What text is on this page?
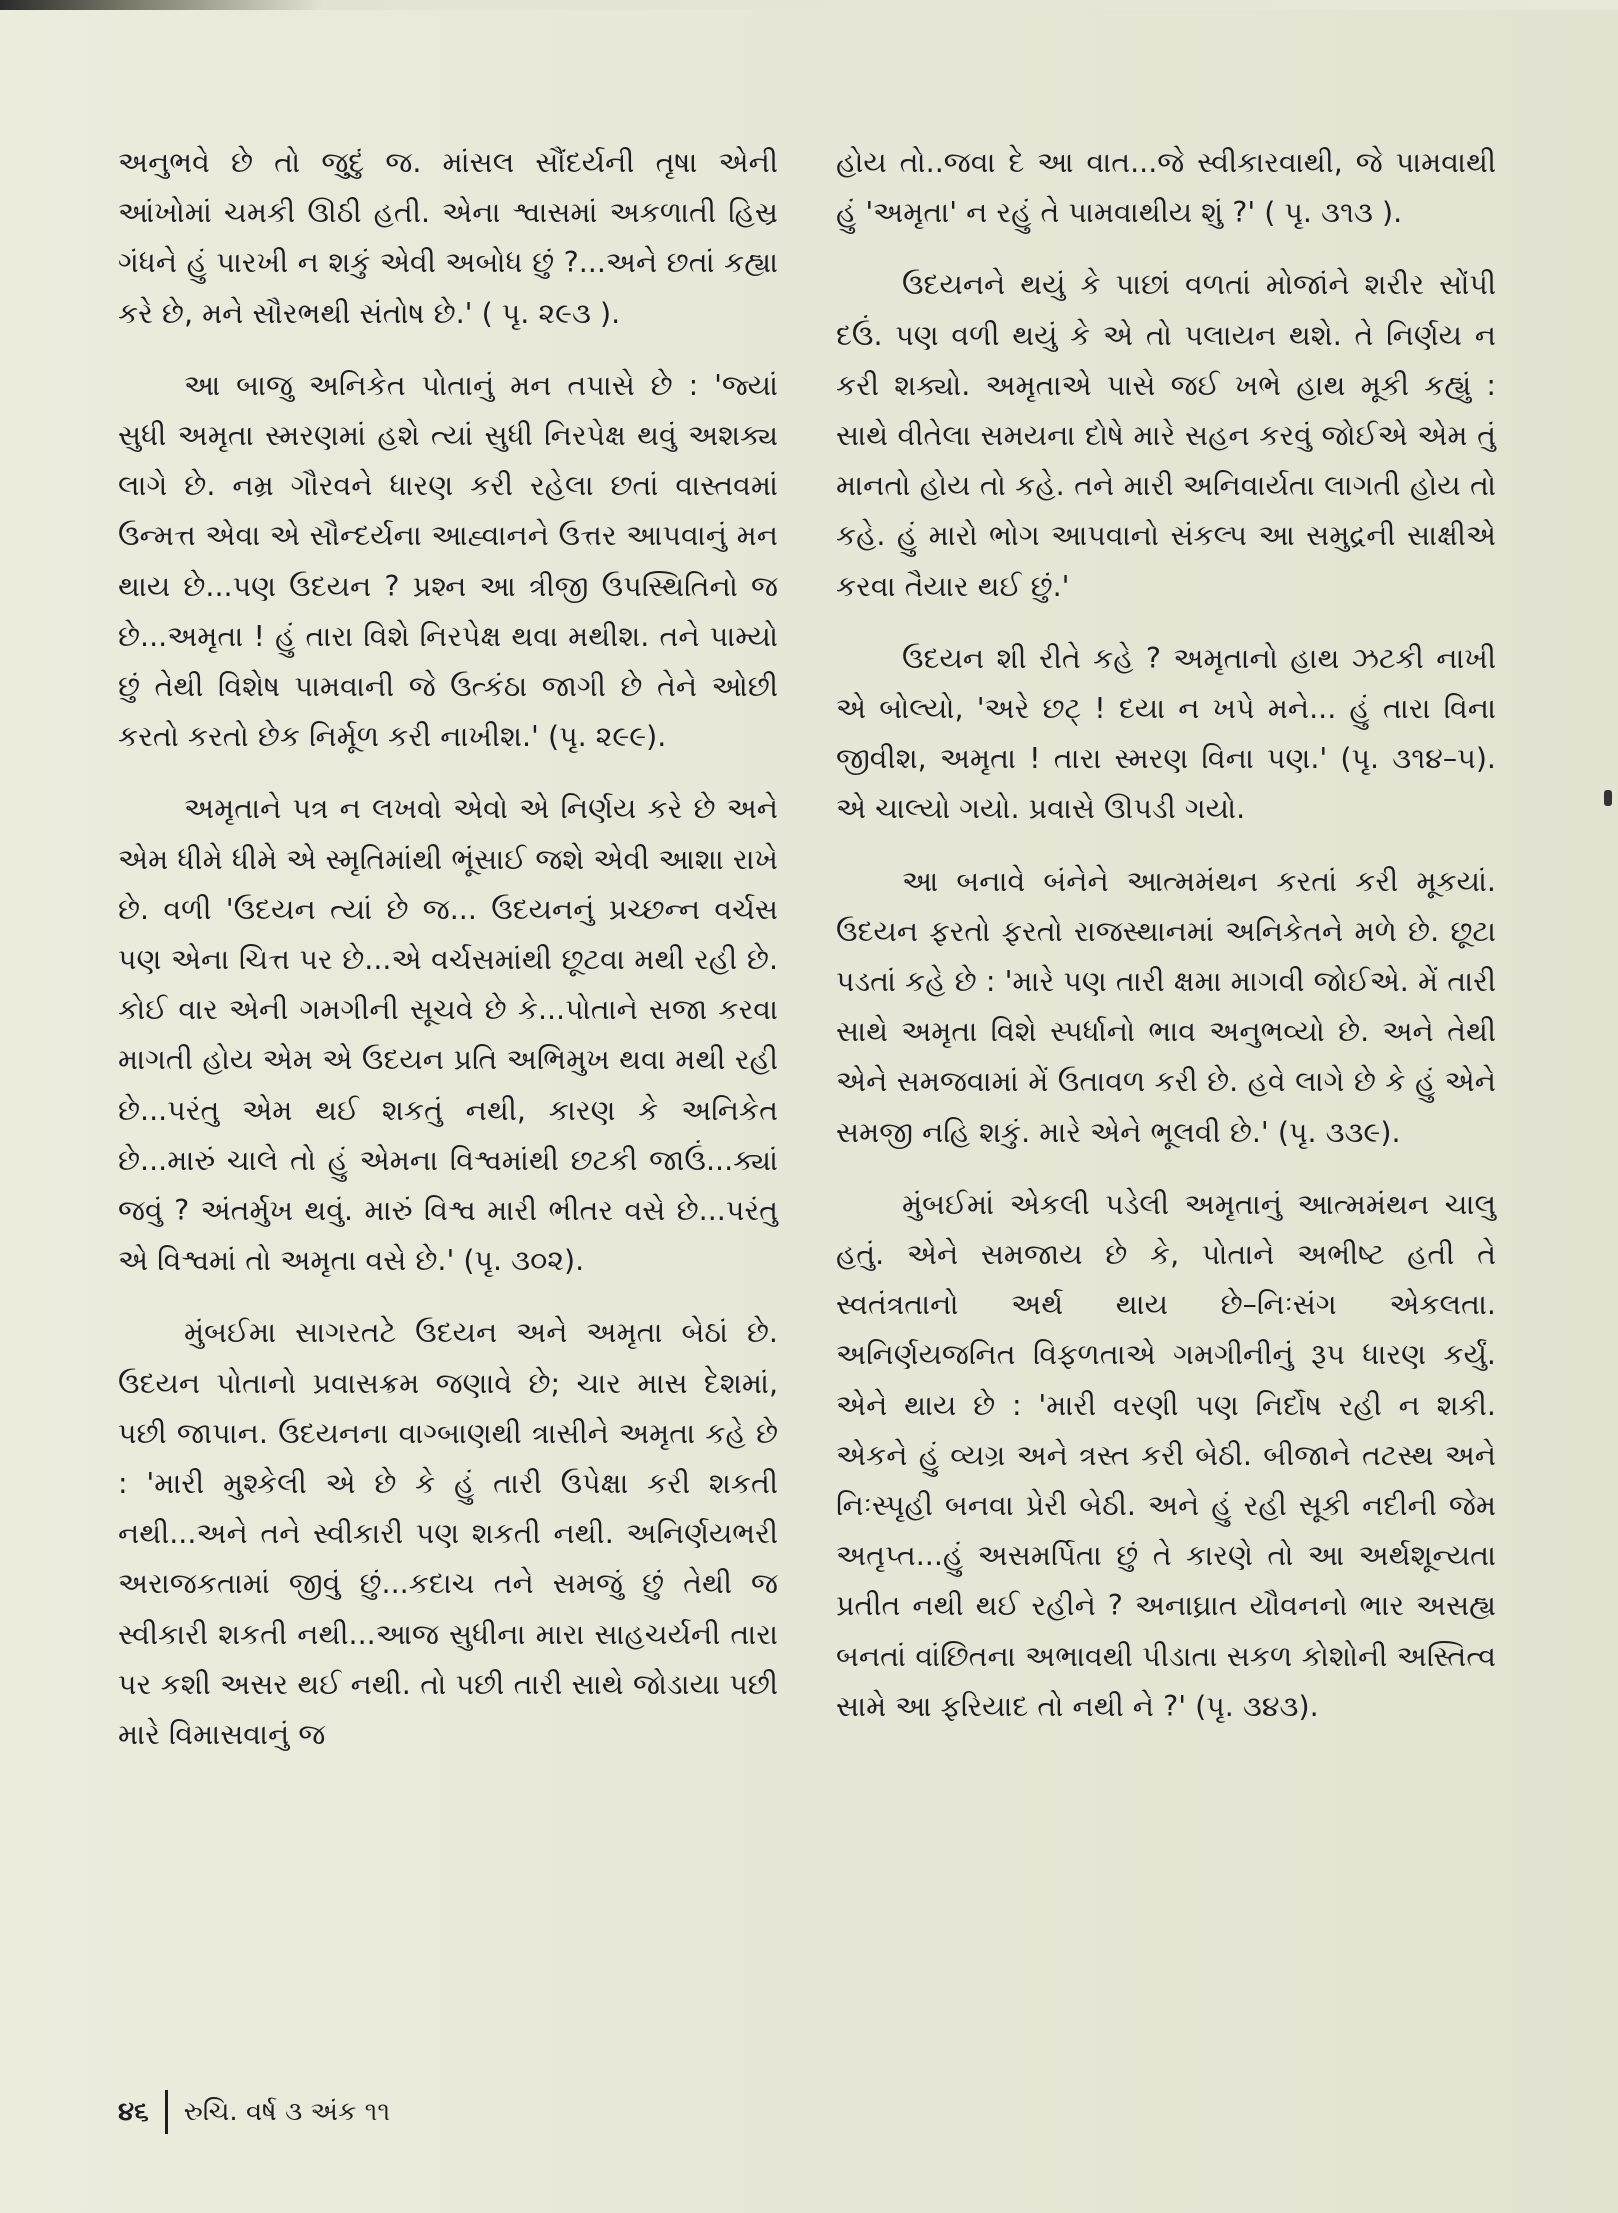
અનુભવે છે તો જુદું જ. માંસલ સૌંદર્યની તૃષા એની આંખોમાં ચમકી ઊઠી હતી. એના શ્વાસમાં અકળાતી હિસ્ર ગંધને હું પારખી ન શકું એવી અબોધ છું ?...અને છતાં કહ્યા કરે છે, મને સૌરભથી સંતોષ છે.' ( પૃ. ૨૯૩ ).

આ બાજુ અનિકેત પોતાનું મન તપાસે છે : 'જ્યાં સુધી અમૃતા સ્મરણમાં હશે ત્યાં સુધી નિરપેક્ષ થવું અશક્ય લાગે છે. નમ્ર ગૌરવને ધારણ કરી રહેલા છતાં વાસ્તવમાં ઉન્મત્ત એવા એ સૌન્દર્યના આહ્વાનને ઉત્તર આપવાનું મન થાય છે...પણ ઉદયન ? પ્રશ્ન આ ત્રીજી ઉપસ્થિતિનો જ છે...અમૃતા ! હું તારા વિશે નિરપેક્ષ થવા મથીશ. તને પામ્યો છું તેથી વિશેષ પામવાની જે ઉત્કંઠા જાગી છે તેને ઓછી કરતો કરતો છેક નિર્મૂળ કરી નાખીશ.' (પૃ. ૨૯૯).

અમૃતાને પત્ર ન લખવો એવો એ નિર્ણય કરે છે અને એમ ધીમે ધીમે એ સ્મૃતિમાંથી ભૂંસાઈ જશે એવી આશા રાખે છે. વળી 'ઉદયન ત્યાં છે જ... ઉદયનનું પ્રચ્છન્ન વર્ચસ પણ એના ચિત્ત પર છે...એ વર્ચસમાંથી છૂટવા મથી રહી છે. કોઈ વાર એની ગમગીની સૂચવે છે કે...પોતાને સજા કરવા માગતી હોય એમ એ ઉદયન પ્રતિ અભિમુખ થવા મથી રહી છે...પરંતુ એમ થઈ શકતું નથી, કારણ કે અનિકેત છે...મારું ચાલે તો હું એમના વિશ્વમાંથી છટકી જાઉં...ક્યાં જવું ? અંતર્મુખ થવું. મારું વિશ્વ મારી ભીતર વસે છે...પરંતુ એ વિશ્વમાં તો અમૃતા વસે છે.' (પૃ. ૩૦૨).

મુંબઈમા સાગરતટે ઉદયન અને અમૃતા બેઠાં છે. ઉદયન પોતાનો પ્રવાસક્રમ જણાવે છે; ચાર માસ દેશમાં, પછી જાપાન. ઉદયનના વાગ્બાણથી ત્રાસીને અમૃતા કહે છે : 'મારી મુશ્કેલી એ છે કે હું તારી ઉપેક્ષા કરી શકતી નથી...અને તને સ્વીકારી પણ શકતી નથી. અનિર્ણયભરી અરાજકતામાં જીવું છું...કદાચ તને સમજું છું તેથી જ સ્વીકારી શકતી નથી...આજ સુધીના મારા સાહચર્યની તારા પર કશી અસર થઈ નથી. તો પછી તારી સાથે જોડાયા પછી મારે વિમાસવાનું જ

હોય તો..જવા દે આ વાત...જે સ્વીકારવાથી, જે પામવાથી હું 'અમૃતા' ન રહું તે પામવાથીય શું ?' ( પૃ. ૩૧૩ ).

ઉદયનને થયું કે પાછાં વળતાં મોજાંને શરીર સોંપી દઉં. પણ વળી થયું કે એ તો પલાયન થશે. તે નિર્ણય ન કરી શક્યો. અમૃતાએ પાસે જઈ ખભે હાથ મૂકી કહ્યું : સાથે વીતેલા સમયના દોષે મારે સહન કરવું જોઈએ એમ તું માનતો હોય તો કહે. તને મારી અનિવાર્યતા લાગતી હોય તો કહે. હું મારો ભોગ આપવાનો સંકલ્પ આ સમુદ્રની સાક્ષીએ કરવા તૈયાર થઈ છું.'

ઉદયન શી રીતે કહે ? અમૃતાનો હાથ ઝટકી નાખી એ બોલ્યો, 'અરે છટ્ ! દયા ન ખપે મને... હું તારા વિના જીવીશ, અમૃતા ! તારા સ્મરણ વિના પણ.' (પૃ. ૩૧૪–૫). એ ચાલ્યો ગયો. પ્રવાસે ઊપડી ગયો.

આ બનાવે બંનેને આત્મમંથન કરતાં કરી મૂકયાં. ઉદયન ફરતો ફરતો રાજસ્થાનમાં અનિકેતને મળે છે. છૂટા પડતાં કહે છે : 'મારે પણ તારી ક્ષમા માગવી જોઈએ. મેં તારી સાથે અમૃતા વિશે સ્પર્ધાનો ભાવ અનુભવ્યો છે. અને તેથી એને સમજવામાં મેં ઉતાવળ કરી છે. હવે લાગે છે કે હું એને સમજી નહિ શકું. મારે એને ભૂલવી છે.' (પૃ. ૩૩૯).

મુંબઈમાં એકલી પડેલી અમૃતાનું આત્મમંથન ચાલુ હતું. એને સમજાય છે કે, પોતાને અભીષ્ટ હતી તે સ્વતંત્રતાનો અર્થ થાય છે–નિઃસંગ એકલતા. અનિર્ણયજનિત વિફળતાએ ગમગીનીનું રૂપ ધારણ કર્યું. એને થાય છે : 'મારી વરણી પણ નિર્દોષ રહી ન શકી. એકને હું વ્યગ્ર અને ત્રસ્ત કરી બેઠી. બીજાને તટસ્થ અને નિઃસ્પૃહી બનવા પ્રેરી બેઠી. અને હું રહી સૂકી નદીની જેમ અતૃપ્ત...હું અસમર્પિતા છું તે કારણે તો આ અર્થશૂન્યતા પ્રતીત નથી થઈ રહીને ? અનાઘ્રાત યૌવનનો ભાર અસહ્ય બનતાં વાંછિતના અભાવથી પીડાતા સકળ કોશોની અસ્તિત્વ સામે આ ફરિયાદ તો નથી ને ?' (પૃ. ૩૪૩).

૪૬ રુચિ. વર્ષ ૩ અંક ૧૧
